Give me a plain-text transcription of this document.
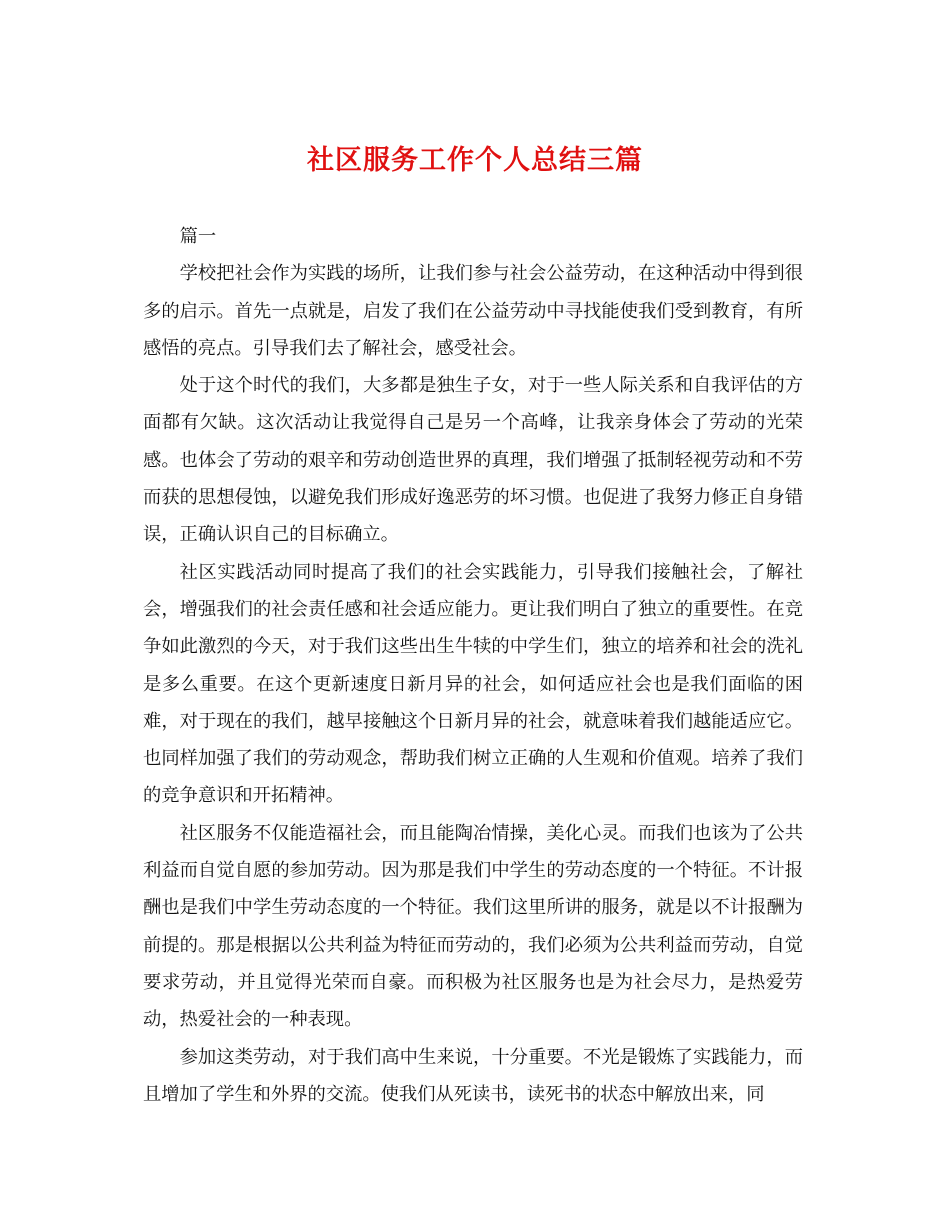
社区服务工作个人总结三篇

篇一

学校把社会作为实践的场所，让我们参与社会公益劳动，在这种活动中得到很多的启示。首先一点就是，启发了我们在公益劳动中寻找能使我们受到教育，有所感悟的亮点。引导我们去了解社会，感受社会。

处于这个时代的我们，大多都是独生子女，对于一些人际关系和自我评估的方面都有欠缺。这次活动让我觉得自己是另一个高峰，让我亲身体会了劳动的光荣感。也体会了劳动的艰辛和劳动创造世界的真理，我们增强了抵制轻视劳动和不劳而获的思想侵蚀，以避免我们形成好逸恶劳的坏习惯。也促进了我努力修正自身错误，正确认识自己的目标确立。

社区实践活动同时提高了我们的社会实践能力，引导我们接触社会，了解社会，增强我们的社会责任感和社会适应能力。更让我们明白了独立的重要性。在竞争如此激烈的今天，对于我们这些出生牛犊的中学生们，独立的培养和社会的洗礼是多么重要。在这个更新速度日新月异的社会，如何适应社会也是我们面临的困难，对于现在的我们，越早接触这个日新月异的社会，就意味着我们越能适应它。也同样加强了我们的劳动观念，帮助我们树立正确的人生观和价值观。培养了我们的竞争意识和开拓精神。

社区服务不仅能造福社会，而且能陶冶情操，美化心灵。而我们也该为了公共利益而自觉自愿的参加劳动。因为那是我们中学生的劳动态度的一个特征。不计报酬也是我们中学生劳动态度的一个特征。我们这里所讲的服务，就是以不计报酬为前提的。那是根据以公共利益为特征而劳动的，我们必须为公共利益而劳动，自觉要求劳动，并且觉得光荣而自豪。而积极为社区服务也是为社会尽力，是热爱劳动，热爱社会的一种表现。

参加这类劳动，对于我们高中生来说，十分重要。不光是锻炼了实践能力，而且增加了学生和外界的交流。使我们从死读书，读死书的状态中解放出来，同
